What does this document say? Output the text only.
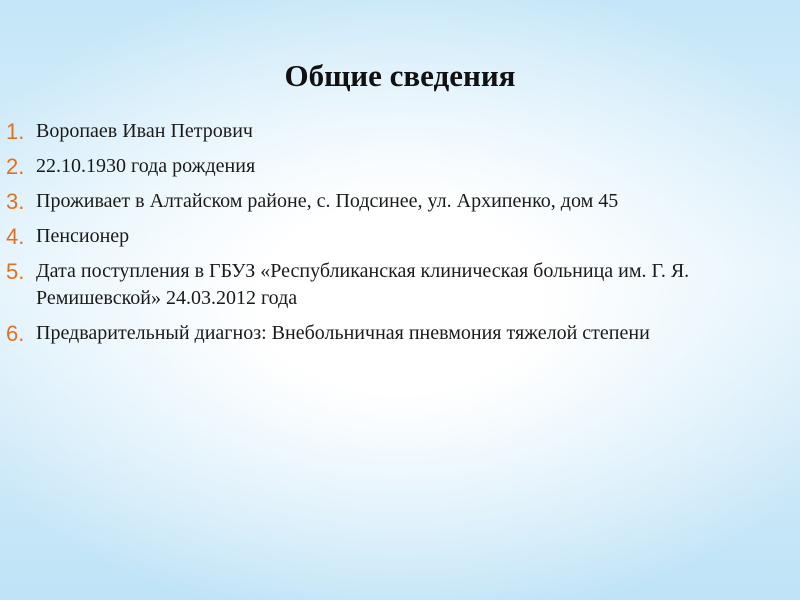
Общие сведения
1. Воропаев Иван Петрович
2. 22.10.1930 года рождения
3. Проживает в Алтайском районе, с. Подсинее, ул. Архипенко, дом 45
4. Пенсионер
5. Дата поступления в ГБУЗ «Республиканская клиническая больница им. Г. Я. Ремишевской» 24.03.2012 года
6. Предварительный диагноз: Внебольничная пневмония тяжелой степени
